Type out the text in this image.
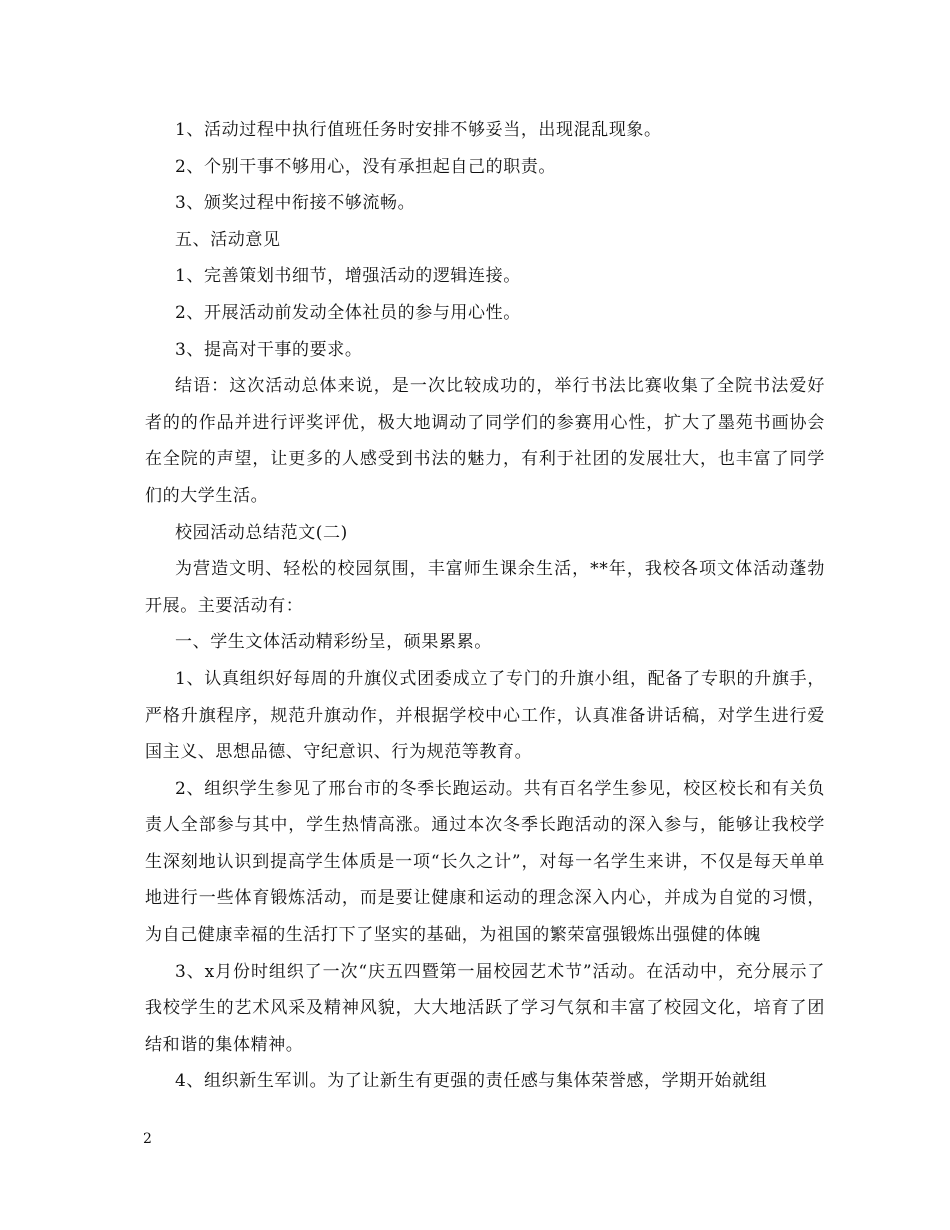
1、活动过程中执行值班任务时安排不够妥当，出现混乱现象。

2、个别干事不够用心，没有承担起自己的职责。

3、颁奖过程中衔接不够流畅。

五、活动意见

1、完善策划书细节，增强活动的逻辑连接。

2、开展活动前发动全体社员的参与用心性。

3、提高对干事的要求。

结语：这次活动总体来说，是一次比较成功的，举行书法比赛收集了全院书法爱好者的的作品并进行评奖评优，极大地调动了同学们的参赛用心性，扩大了墨苑书画协会在全院的声望，让更多的人感受到书法的魅力，有利于社团的发展壮大，也丰富了同学们的大学生活。

校园活动总结范文(二)

为营造文明、轻松的校园氛围，丰富师生课余生活，**年，我校各项文体活动蓬勃开展。主要活动有：

一、学生文体活动精彩纷呈，硕果累累。

1、认真组织好每周的升旗仪式团委成立了专门的升旗小组，配备了专职的升旗手，严格升旗程序，规范升旗动作，并根据学校中心工作，认真准备讲话稿，对学生进行爱国主义、思想品德、守纪意识、行为规范等教育。

2、组织学生参见了邢台市的冬季长跑运动。共有百名学生参见，校区校长和有关负责人全部参与其中，学生热情高涨。通过本次冬季长跑活动的深入参与，能够让我校学生深刻地认识到提高学生体质是一项“长久之计”，对每一名学生来讲，不仅是每天单单地进行一些体育锻炼活动，而是要让健康和运动的理念深入内心，并成为自觉的习惯，为自己健康幸福的生活打下了坚实的基础，为祖国的繁荣富强锻炼出强健的体魄

3、x月份时组织了一次“庆五四暨第一届校园艺术节”活动。在活动中，充分展示了我校学生的艺术风采及精神风貌，大大地活跃了学习气氛和丰富了校园文化，培育了团结和谐的集体精神。

4、组织新生军训。为了让新生有更强的责任感与集体荣誉感，学期开始就组

2
